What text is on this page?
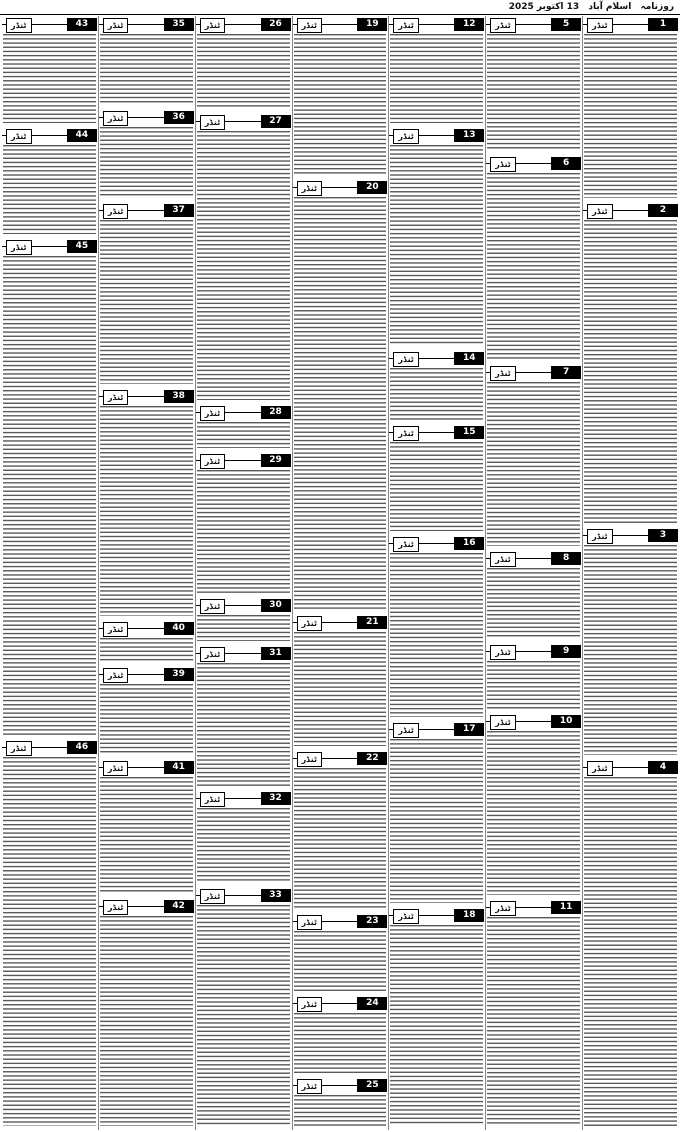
روزنامہ اسلام آباد 13 اکتوبر 2025
ٹنڈر	1
ٹنڈر	2
ٹنڈر	3
ٹنڈر	4
ٹنڈر	5
ٹنڈر	6
ٹنڈر	7
ٹنڈر	8
ٹنڈر	9
ٹنڈر	10
ٹنڈر	11
ٹنڈر	12
ٹنڈر	13
ٹنڈر	14
ٹنڈر	15
ٹنڈر	16
ٹنڈر	17
ٹنڈر	18
ٹنڈر	19
ٹنڈر	20
ٹنڈر	21
ٹنڈر	22
ٹنڈر	23
ٹنڈر	24
ٹنڈر	25
ٹنڈر	26
ٹنڈر	27
ٹنڈر	28
ٹنڈر	29
ٹنڈر	30
ٹنڈر	31
ٹنڈر	32
ٹنڈر	33
ٹنڈر	35
ٹنڈر	36
ٹنڈر	37
ٹنڈر	38
ٹنڈر	40
ٹنڈر	39
ٹنڈر	41
ٹنڈر	42
ٹنڈر	43
ٹنڈر	44
ٹنڈر	45
ٹنڈر	46
